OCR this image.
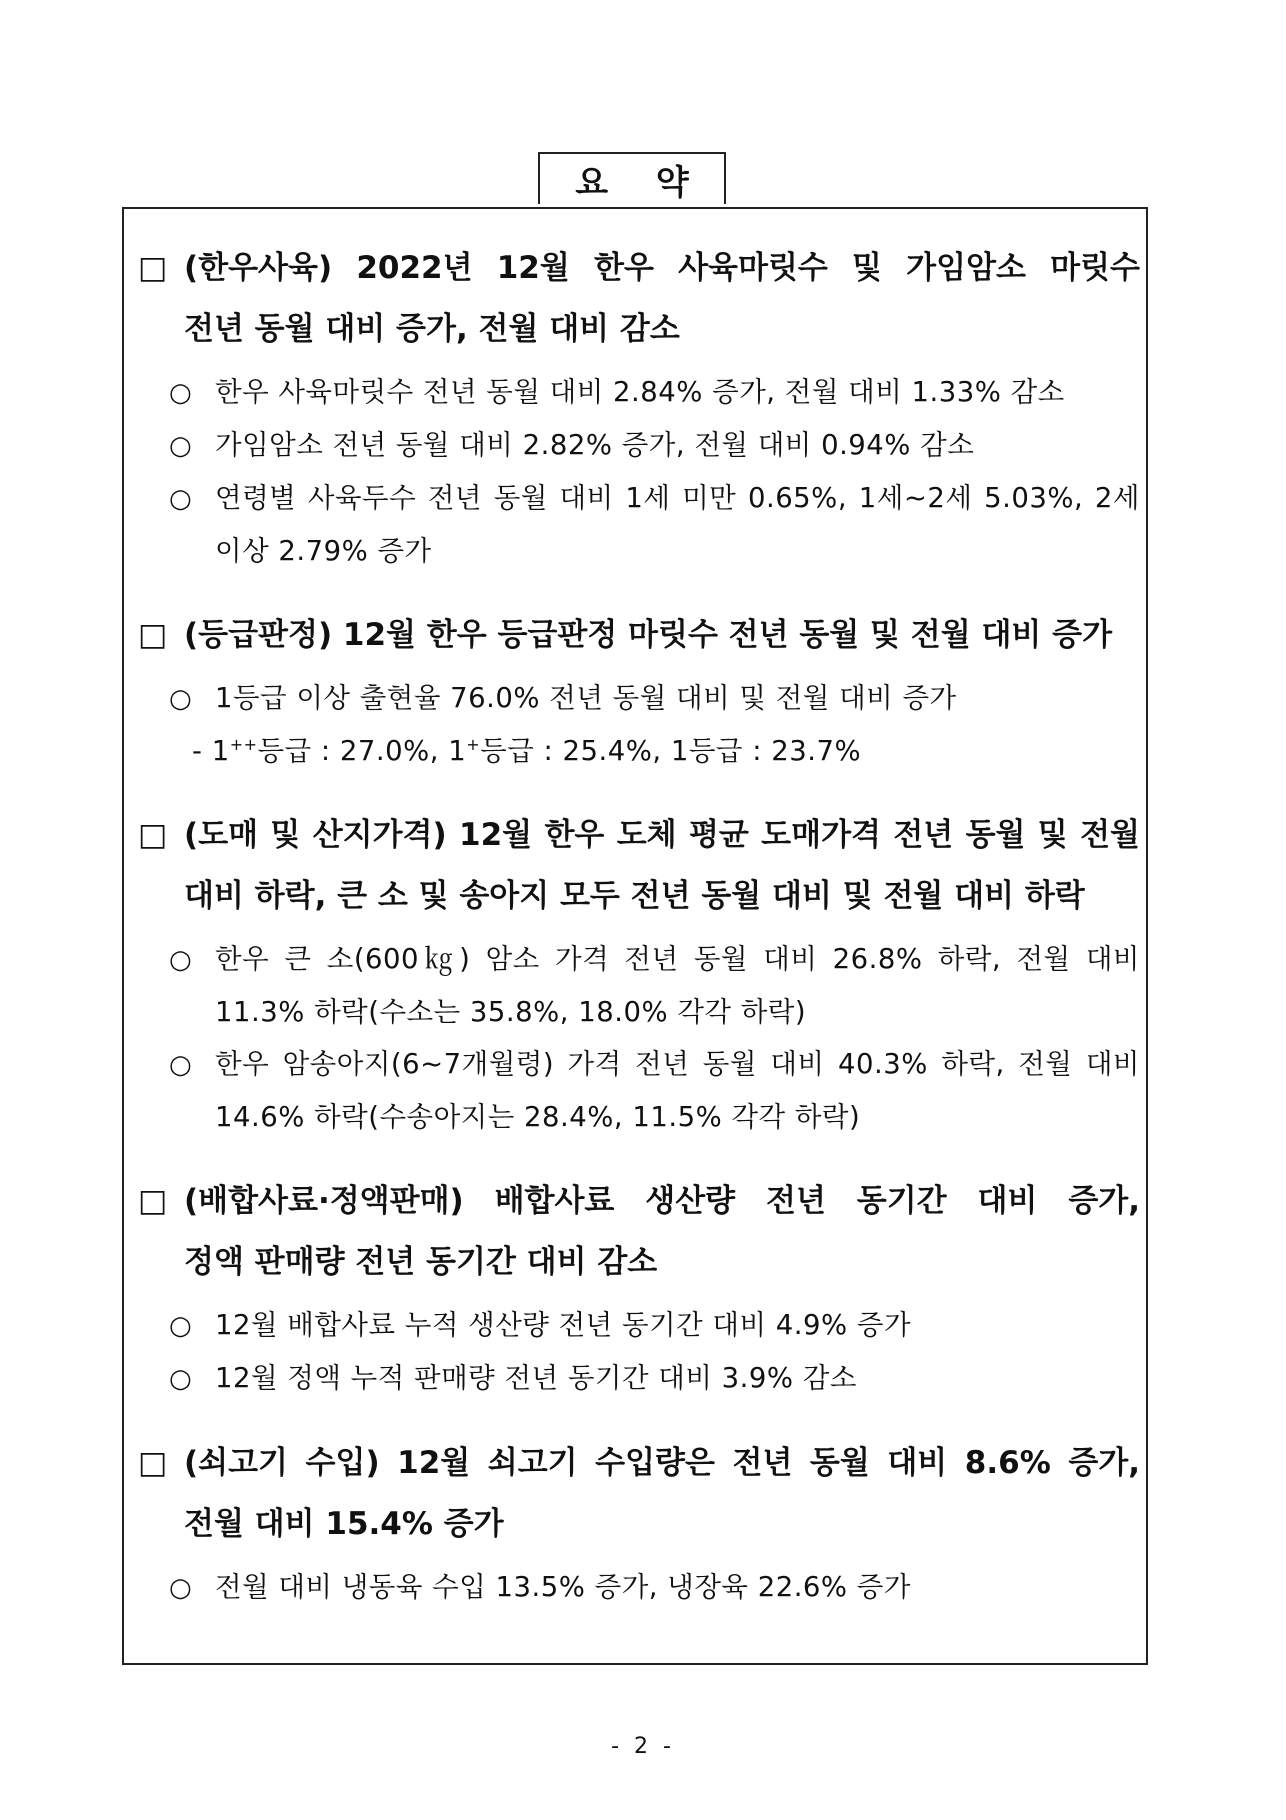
요 약
□ (한우사육) 2022년 12월 한우 사육마릿수 및 가임암소 마릿수
전년 동월 대비 증가, 전월 대비 감소
○ 한우 사육마릿수 전년 동월 대비 2.84% 증가, 전월 대비 1.33% 감소
○ 가임암소 전년 동월 대비 2.82% 증가, 전월 대비 0.94% 감소
○ 연령별 사육두수 전년 동월 대비 1세 미만 0.65%, 1세~2세 5.03%, 2세 이상 2.79% 증가
□ (등급판정) 12월 한우 등급판정 마릿수 전년 동월 및 전월 대비 증가
○ 1등급 이상 출현율 76.0% 전년 동월 대비 및 전월 대비 증가
- 1++등급 : 27.0%, 1+등급 : 25.4%, 1등급 : 23.7%
□ (도매 및 산지가격) 12월 한우 도체 평균 도매가격 전년 동월 및 전월
대비 하락, 큰 소 및 송아지 모두 전년 동월 대비 및 전월 대비 하락
○ 한우 큰 소(600㎏) 암소 가격 전년 동월 대비 26.8% 하락, 전월 대비 11.3% 하락(수소는 35.8%, 18.0% 각각 하락)
○ 한우 암송아지(6~7개월령) 가격 전년 동월 대비 40.3% 하락, 전월 대비 14.6% 하락(수송아지는 28.4%, 11.5% 각각 하락)
□ (배합사료·정액판매) 배합사료 생산량 전년 동기간 대비 증가,
정액 판매량 전년 동기간 대비 감소
○ 12월 배합사료 누적 생산량 전년 동기간 대비 4.9% 증가
○ 12월 정액 누적 판매량 전년 동기간 대비 3.9% 감소
□ (쇠고기 수입) 12월 쇠고기 수입량은 전년 동월 대비 8.6% 증가,
전월 대비 15.4% 증가
○ 전월 대비 냉동육 수입 13.5% 증가, 냉장육 22.6% 증가
- 2 -
